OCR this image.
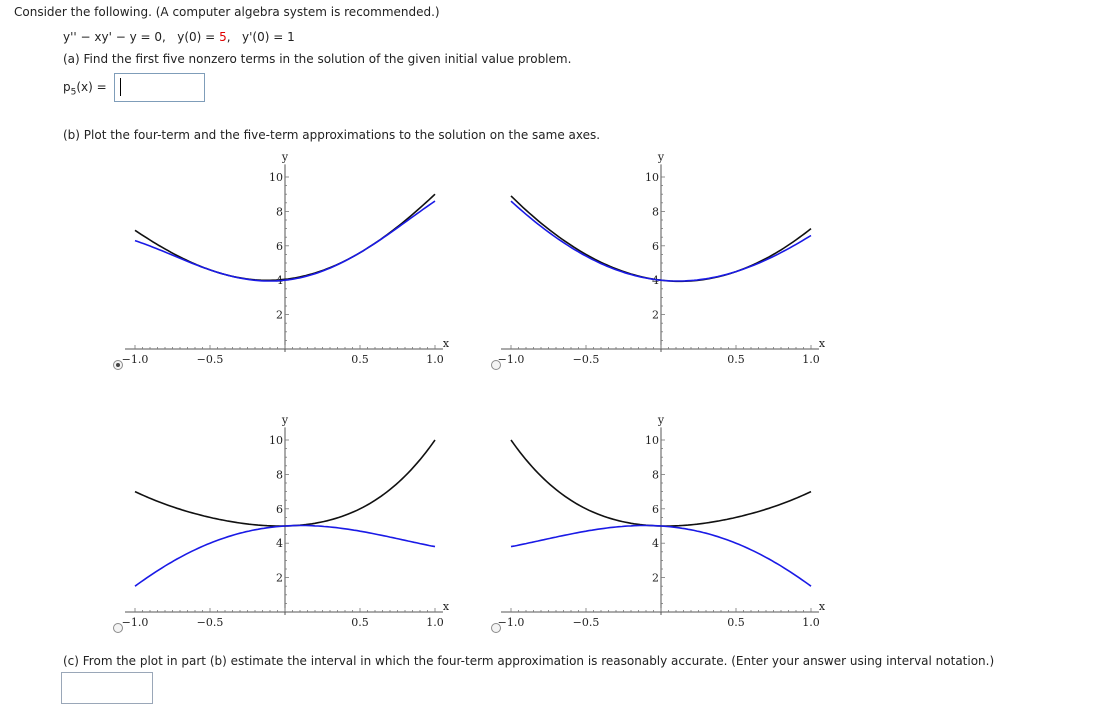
Consider the following. (A computer algebra system is recommended.)
y'' − xy' − y = 0, y(0) = 5, y'(0) = 1
(a) Find the first five nonzero terms in the solution of the given initial value problem.
$p_5(x)$ =
(b) Plot the four-term and the five-term approximations to the solution on the same axes.
−1.0	−0.5	0.5	1.0
2
4
6
8
10
x
y
−1.0	−0.5	0.5	1.0
2
4
6
8
10
x
y
−1.0	−0.5	0.5	1.0
2
4
6
8
10
x
y
−1.0	−0.5	0.5	1.0
2
4
6
8
10
x
y
(c) From the plot in part (b) estimate the interval in which the four-term approximation is reasonably accurate. (Enter your answer using interval notation.)
